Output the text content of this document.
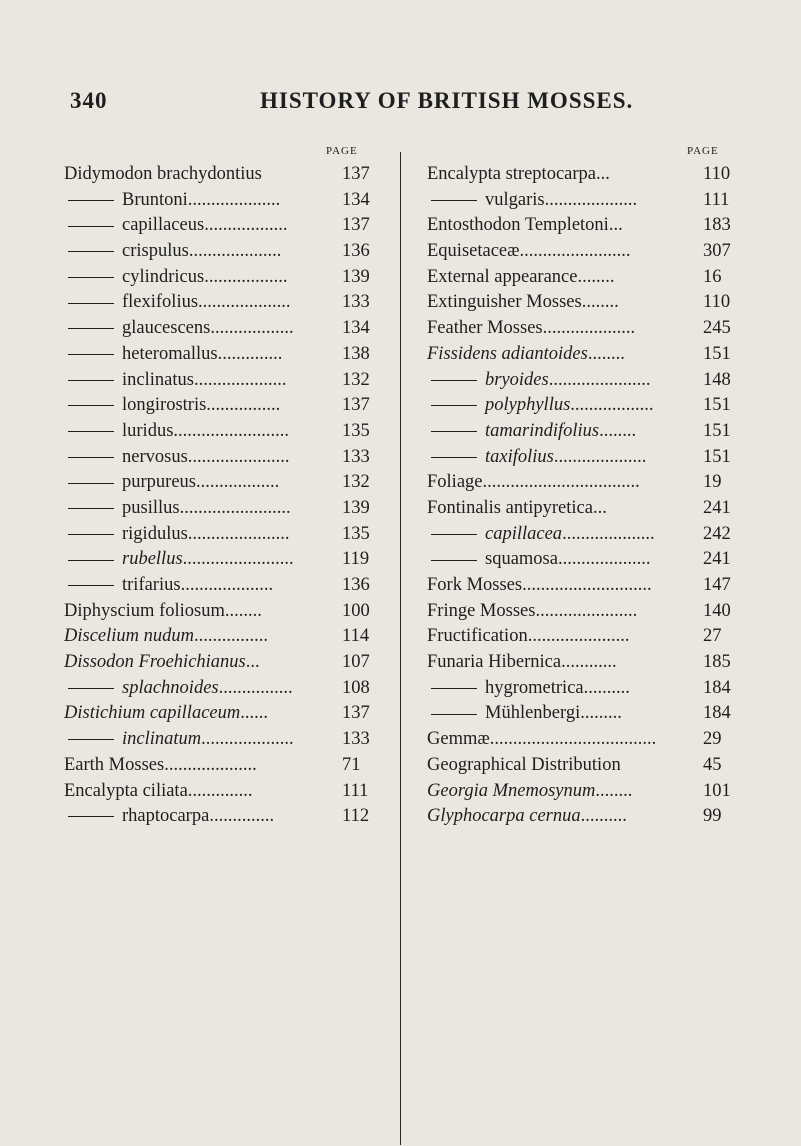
340	HISTORY OF BRITISH MOSSES.
PAGE
Didymodon brachydontius	137
Bruntoni....................	134
capillaceus..................	137
crispulus....................	136
cylindricus..................	139
flexifolius....................	133
glaucescens..................	134
heteromallus..............	138
inclinatus....................	132
longirostris................	137
luridus.........................	135
nervosus......................	133
purpureus..................	132
pusillus........................	139
rigidulus......................	135
rubellus........................	119
trifarius....................	136
Diphyscium foliosum........	100
Discelium nudum................	114
Dissodon Froehichianus...	107
splachnoides................	108
Distichium capillaceum......	137
inclinatum....................	133
Earth Mosses....................	71
Encalypta ciliata..............	111
rhaptocarpa..............	112
PAGE
Encalypta streptocarpa...	110
vulgaris....................	111
Entosthodon Templetoni...	183
Equisetaceæ........................	307
External appearance........	16
Extinguisher Mosses........	110
Feather Mosses....................	245
Fissidens adiantoides........	151
bryoides......................	148
polyphyllus..................	151
tamarindifolius........	151
taxifolius....................	151
Foliage..................................	19
Fontinalis antipyretica...	241
capillacea....................	242
squamosa....................	241
Fork Mosses............................	147
Fringe Mosses......................	140
Fructification......................	27
Funaria Hibernica............	185
hygrometrica..........	184
Mühlenbergi.........	184
Gemmæ....................................	29
Geographical Distribution	45
Georgia Mnemosynum........	101
Glyphocarpa cernua..........	99
